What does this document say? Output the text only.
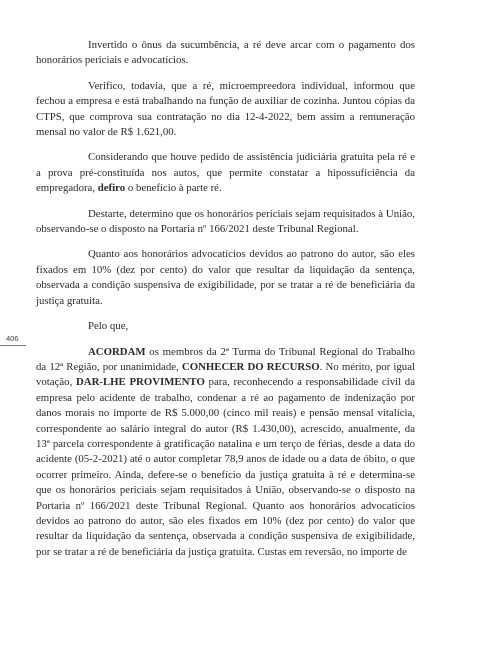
406

Invertido o ônus da sucumbência, a ré deve arcar com o pagamento dos honorários periciais e advocatícios.

Verifico, todavia, que a ré, microempreedora individual, informou que fechou a empresa e está trabalhando na função de auxiliar de cozinha. Juntou cópias da CTPS, que comprova sua contratação no dia 12-4-2022, bem assim a remuneração mensal no valor de R$ 1.621,00.

Considerando que houve pedido de assistência judiciária gratuita pela ré e a prova pré-constituída nos autos, que permite constatar a hipossuficiência da empregadora, defiro o benefício à parte ré.

Destarte, determino que os honorários periciais sejam requisitados à União, observando-se o disposto na Portaria nº 166/2021 deste Tribunal Regional.

Quanto aos honorários advocatícios devidos ao patrono do autor, são eles fixados em 10% (dez por cento) do valor que resultar da liquidação da sentença, observada a condição suspensiva de exigibilidade, por se tratar a ré de beneficiária da justiça gratuita.

Pelo que,

ACORDAM os membros da 2ª Turma do Tribunal Regional do Trabalho da 12ª Região, por unanimidade, CONHECER DO RECURSO. No mérito, por igual votação, DAR-LHE PROVIMENTO para, reconhecendo a responsabilidade civil da empresa pelo acidente de trabalho, condenar a ré ao pagamento de indenização por danos morais no importe de R$ 5.000,00 (cinco mil reais) e pensão mensal vitalícia, correspondente ao salário integral do autor (R$ 1.430,00), acrescido, anualmente, da 13ª parcela correspondente à gratificação natalina e um terço de férias, desde a data do acidente (05-2-2021) até o autor completar 78,9 anos de idade ou a data de óbito, o que ocorrer primeiro. Ainda, defere-se o benefício da justiça gratuita à ré e determina-se que os honorários periciais sejam requisitados à União, observando-se o disposto na Portaria nº 166/2021 deste Tribunal Regional. Quanto aos honorários advocatícios devidos ao patrono do autor, são eles fixados em 10% (dez por cento) do valor que resultar da liquidação da sentença, observada a condição suspensiva de exigibilidade, por se tratar a ré de beneficiária da justiça gratuita. Custas em reversão, no importe de
